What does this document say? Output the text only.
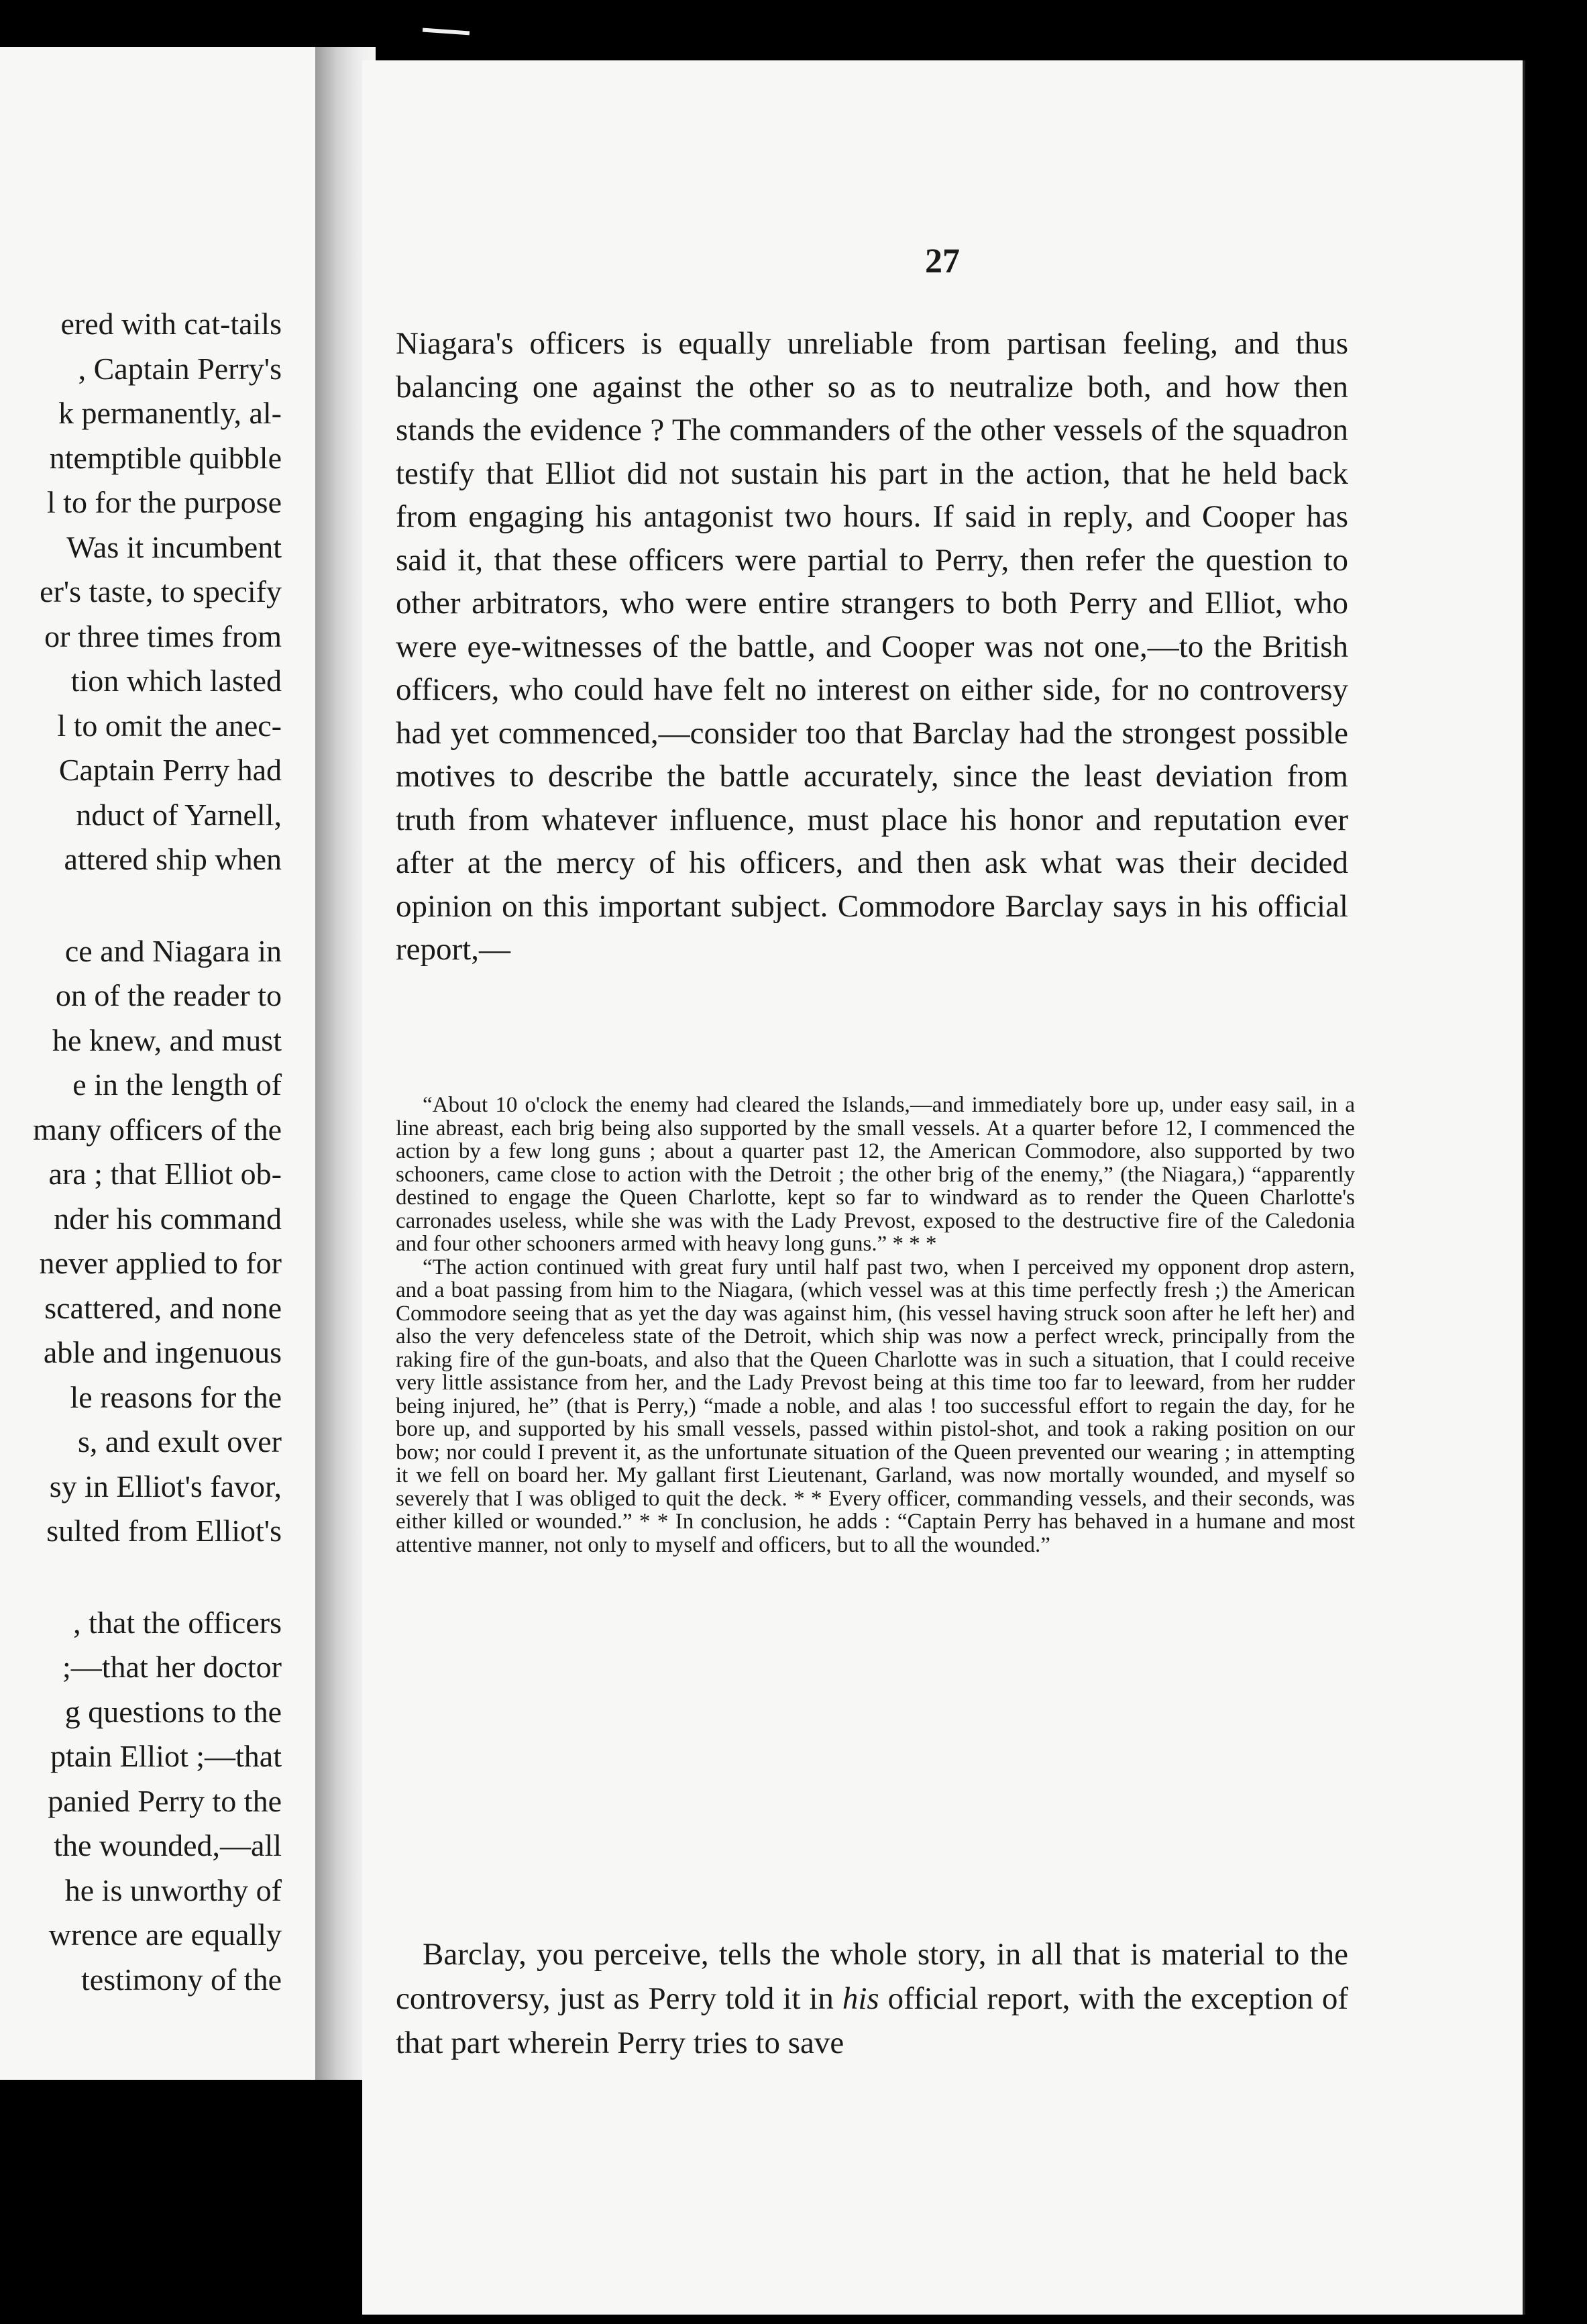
ered with cat-tails
, Captain Perry's
k permanently, al-
ntemptible quibble
l to for the purpose
Was it incumbent
er's taste, to specify
or three times from
tion which lasted
l to omit the anec-
Captain Perry had
nduct of Yarnell,
attered ship when
ce and Niagara in
on of the reader to
he knew, and must
e in the length of
many officers of the
ara ; that Elliot ob-
nder his command
never applied to for
scattered, and none
able and ingenuous
le reasons for the
s, and exult over
sy in Elliot's favor,
sulted from Elliot's
, that the officers
;—that her doctor
g questions to the
ptain Elliot ;—that
panied Perry to the
the wounded,—all
he is unworthy of
wrence are equally
testimony of the
27

Niagara's officers is equally unreliable from partisan feeling, and thus balancing one against the other so as to neutralize both, and how then stands the evidence ? The commanders of the other vessels of the squadron testify that Elliot did not sustain his part in the action, that he held back from engaging his antagonist two hours. If said in reply, and Cooper has said it, that these officers were partial to Perry, then refer the question to other arbitrators, who were entire strangers to both Perry and Elliot, who were eye-witnesses of the battle, and Cooper was not one,—to the British officers, who could have felt no interest on either side, for no controversy had yet commenced,—consider too that Barclay had the strongest possible motives to describe the battle accurately, since the least deviation from truth from whatever influence, must place his honor and reputation ever after at the mercy of his officers, and then ask what was their decided opinion on this important subject. Commodore Barclay says in his official report,—

“About 10 o'clock the enemy had cleared the Islands,—and immediately bore up, under easy sail, in a line abreast, each brig being also supported by the small vessels. At a quarter before 12, I commenced the action by a few long guns ; about a quarter past 12, the American Commodore, also supported by two schooners, came close to action with the Detroit ; the other brig of the enemy,” (the Niagara,) “apparently destined to engage the Queen Charlotte, kept so far to windward as to render the Queen Charlotte's carronades useless, while she was with the Lady Prevost, exposed to the destructive fire of the Caledonia and four other schooners armed with heavy long guns.” * * *

“The action continued with great fury until half past two, when I perceived my opponent drop astern, and a boat passing from him to the Niagara, (which vessel was at this time perfectly fresh ;) the American Commodore seeing that as yet the day was against him, (his vessel having struck soon after he left her) and also the very defenceless state of the Detroit, which ship was now a perfect wreck, principally from the raking fire of the gun-boats, and also that the Queen Charlotte was in such a situation, that I could receive very little assistance from her, and the Lady Prevost being at this time too far to leeward, from her rudder being injured, he” (that is Perry,) “made a noble, and alas ! too successful effort to regain the day, for he bore up, and supported by his small vessels, passed within pistol-shot, and took a raking position on our bow; nor could I prevent it, as the unfortunate situation of the Queen prevented our wearing ; in attempting it we fell on board her. My gallant first Lieutenant, Garland, was now mortally wounded, and myself so severely that I was obliged to quit the deck. * * Every officer, commanding vessels, and their seconds, was either killed or wounded.” * * In conclusion, he adds : “Captain Perry has behaved in a humane and most attentive manner, not only to myself and officers, but to all the wounded.”

Barclay, you perceive, tells the whole story, in all that is material to the controversy, just as Perry told it in his official report, with the exception of that part wherein Perry tries to save
